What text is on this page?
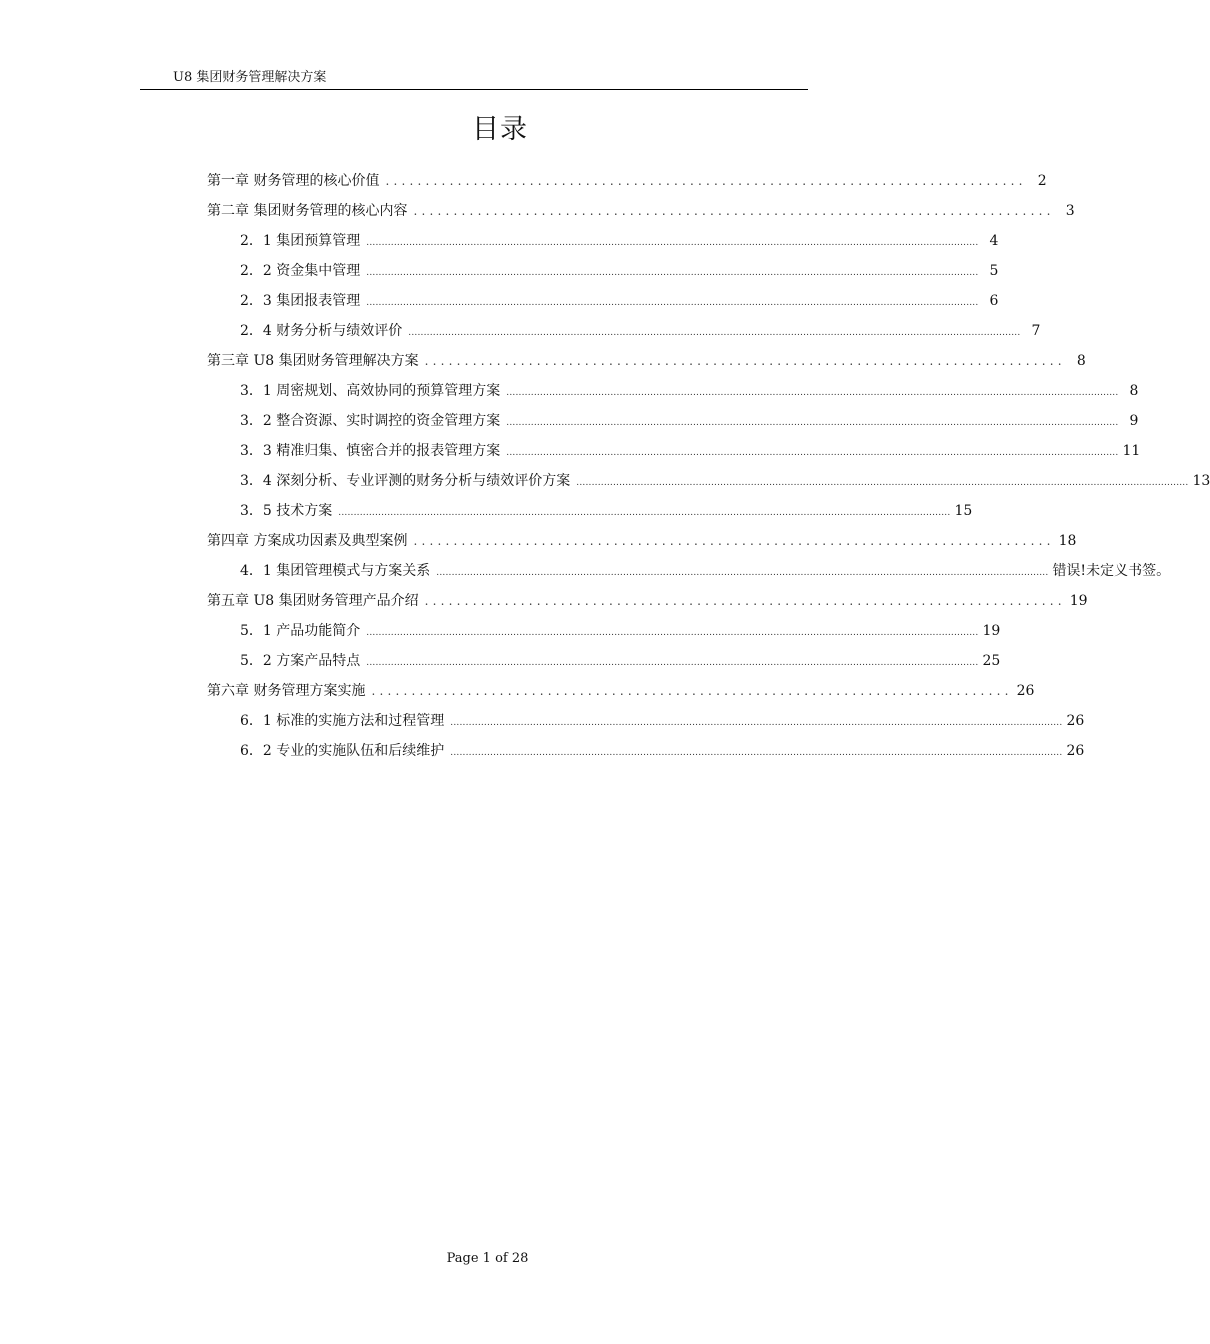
U8 集团财务管理解决方案
目录
第一章 财务管理的核心价值 ................................................................................ 2
第二章 集团财务管理的核心内容 ................................................................................ 3
2．1 集团预算管理 ........................................................................................................................................................................................................ 4
2．2 资金集中管理 ........................................................................................................................................................................................................ 5
2．3 集团报表管理 ........................................................................................................................................................................................................ 6
2．4 财务分析与绩效评价 ........................................................................................................................................................................................................ 7
第三章 U8 集团财务管理解决方案 ................................................................................ 8
3．1 周密规划、高效协同的预算管理方案 ........................................................................................................................................................................................................ 8
3．2 整合资源、实时调控的资金管理方案 ........................................................................................................................................................................................................ 9
3．3 精准归集、慎密合并的报表管理方案 ........................................................................................................................................................................................................ 11
3．4 深刻分析、专业评测的财务分析与绩效评价方案 ........................................................................................................................................................................................................ 13
3．5 技术方案 ........................................................................................................................................................................................................ 15
第四章 方案成功因素及典型案例 ................................................................................ 18
4．1 集团管理模式与方案关系 ........................................................................................................................................................................................................ 错误!未定义书签。
第五章 U8 集团财务管理产品介绍 ................................................................................ 19
5．1 产品功能简介 ........................................................................................................................................................................................................ 19
5．2 方案产品特点 ........................................................................................................................................................................................................ 25
第六章 财务管理方案实施 ................................................................................ 26
6．1 标准的实施方法和过程管理 ........................................................................................................................................................................................................ 26
6．2 专业的实施队伍和后续维护 ........................................................................................................................................................................................................ 26
Page 1 of 28
